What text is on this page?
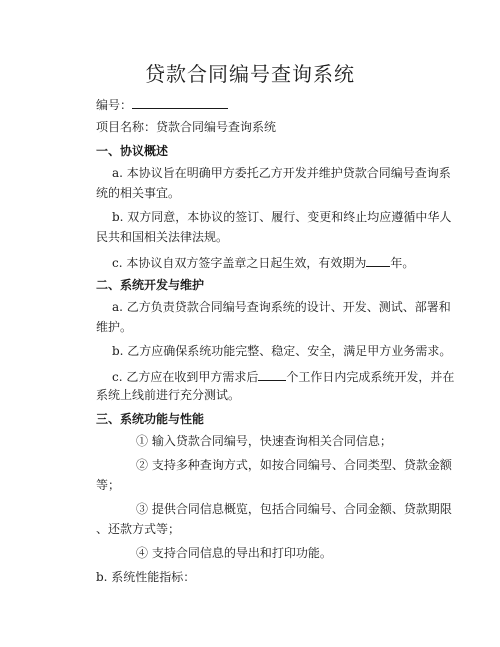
贷款合同编号查询系统
编号：
项目名称：贷款合同编号查询系统
一、协议概述
a. 本协议旨在明确甲方委托乙方开发并维护贷款合同编号查询系
统的相关事宜。
b. 双方同意，本协议的签订、履行、变更和终止均应遵循中华人
民共和国相关法律法规。
c. 本协议自双方签字盖章之日起生效，有效期为 年。
二、系统开发与维护
a. 乙方负责贷款合同编号查询系统的设计、开发、测试、部署和
维护。
b. 乙方应确保系统功能完整、稳定、安全，满足甲方业务需求。
c. 乙方应在收到甲方需求后 个工作日内完成系统开发，并在
系统上线前进行充分测试。
三、系统功能与性能
① 输入贷款合同编号，快速查询相关合同信息；
② 支持多种查询方式，如按合同编号、合同类型、贷款金额
等；
③ 提供合同信息概览，包括合同编号、合同金额、贷款期限
、还款方式等；
④ 支持合同信息的导出和打印功能。
b. 系统性能指标：
